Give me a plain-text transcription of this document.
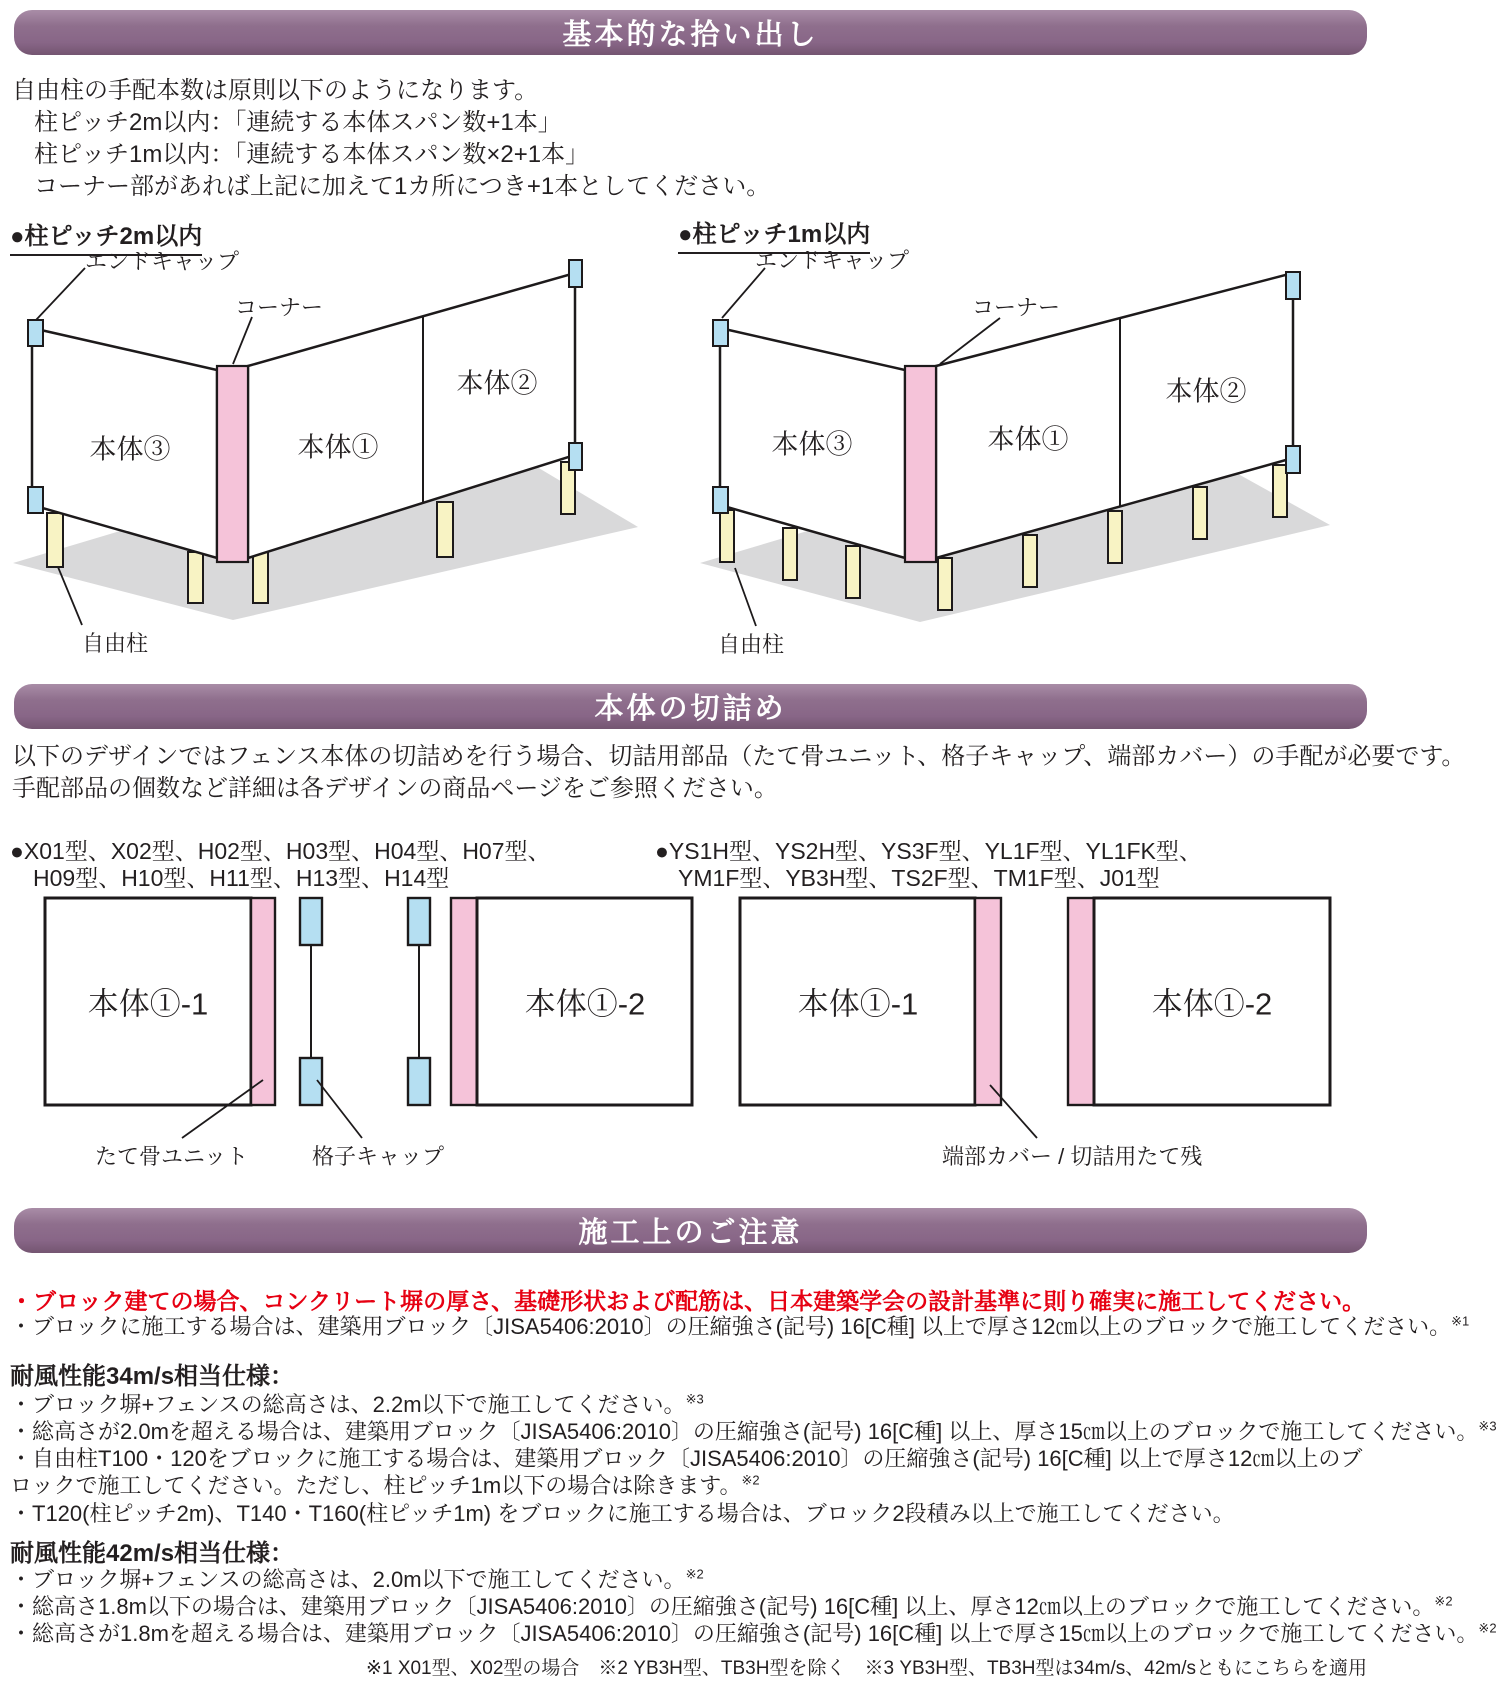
基本的な拾い出し
自由柱の手配本数は原則以下のようになります。
柱ピッチ2m以内：「連続する本体スパン数+1本」
柱ピッチ1m以内：「連続する本体スパン数×2+1本」
コーナー部があれば上記に加えて1カ所につき+1本としてください。
●柱ピッチ2m以内
エンドキャップ
コーナー
本体③	本体①
本体②
自由柱
●柱ピッチ1m以内
エンドキャップ
コーナー
本体③	本体①
本体②
自由柱
本体の切詰め
以下のデザインではフェンス本体の切詰めを行う場合、切詰用部品（たて骨ユニット、格子キャップ、端部カバー）の手配が必要です。
手配部品の個数など詳細は各デザインの商品ページをご参照ください。
●X01型、X02型、H02型、H03型、H04型、H07型、
H09型、H10型、H11型、H13型、H14型
●YS1H型、YS2H型、YS3F型、YL1F型、YL1FK型、
YM1F型、YB3H型、TS2F型、TM1F型、J01型
本体①-1	本体①-2	本体①-1	本体①-2
たて骨ユニット	格子キャップ	端部カバー / 切詰用たて残
施工上のご注意
・ブロック建ての場合、コンクリート塀の厚さ、基礎形状および配筋は、日本建築学会の設計基準に則り確実に施工してください。
・ブロックに施工する場合は、建築用ブロック〔JISA5406:2010〕の圧縮強さ(記号) 16[C種] 以上で厚さ12㎝以上のブロックで施工してください。$^{※1}$
耐風性能34m/s相当仕様：
・ブロック塀+フェンスの総高さは、2.2m以下で施工してください。$^{※3}$
・総高さが2.0mを超える場合は、建築用ブロック〔JISA5406:2010〕の圧縮強さ(記号) 16[C種] 以上、厚さ15㎝以上のブロックで施工してください。$^{※3}$
・自由柱T100・120をブロックに施工する場合は、建築用ブロック〔JISA5406:2010〕の圧縮強さ(記号) 16[C種] 以上で厚さ12㎝以上のブロックで施工してください。ただし、柱ピッチ1m以下の場合は除きます。$^{※2}$
・T120(柱ピッチ2m)、T140・T160(柱ピッチ1m) をブロックに施工する場合は、ブロック2段積み以上で施工してください。
耐風性能42m/s相当仕様：
・ブロック塀+フェンスの総高さは、2.0m以下で施工してください。$^{※2}$
・総高さ1.8m以下の場合は、建築用ブロック〔JISA5406:2010〕の圧縮強さ(記号) 16[C種] 以上、厚さ12㎝以上のブロックで施工してください。$^{※2}$
・総高さが1.8mを超える場合は、建築用ブロック〔JISA5406:2010〕の圧縮強さ(記号) 16[C種] 以上で厚さ15㎝以上のブロックで施工してください。$^{※2}$
※1 X01型、X02型の場合　※2 YB3H型、TB3H型を除く　※3 YB3H型、TB3H型は34m/s、42m/sともにこちらを適用
